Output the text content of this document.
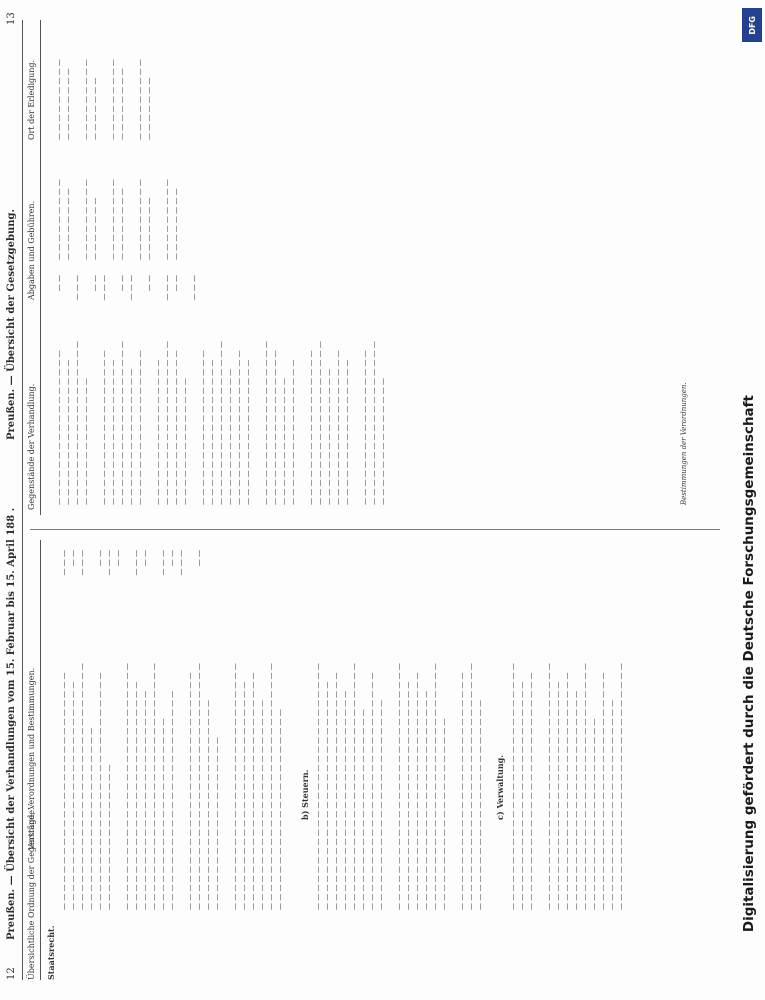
12
Preußen. — Übersicht der Verhandlungen vom 15. Februar bis 15. April 188 .
Preußen. — Übersicht der Gesetzgebung.
13
Übersichtliche Ordnung der Gegenstände.
Verträge, Verordnungen und Bestimmungen.
Staatsrecht.
— — — — — — — — — — — — — — — — — — — — — — — — — — — — — — — — — — — — — — — — — — — — — — — — — — — — — — — — — — — — — — — — — — — — — — — — — — — — — — — — — — — — — — — — — — — — — — — — — — — — — — — — — — — — — — — — — — — — — — — — — — — — — — — — — — — — — — — — — — — —
— — — — — — — — — — — — — — — — — — — — — — — — — — — — — — — — — — — — — — — — — — — — — — — — — — — — — — — — — — — — — — — — — — — — — — — — — — — — — — — — — — — — — — — — — — — — — — — — — — — — — — — — — — — — — — — — — — — — — — — — — — — — — — — — — — — — — — — — — — — — — — — — — — — —
— — — — — — — — — — — — — — — — — — — — — — — — — — — — — — — — — — — — — — — — — — — — — — — — — — — — — — — — — — — — — — — — — — — — — — — — — — — — — — — — — — — — — — — — — — — — — — —
— — — — — — — — — — — — — — — — — — — — — — — — — — — — — — — — — — — — — — — — — — — — — — — — — — — — — — — — — — — — — — — — — — — — — — — — — — — — — — — — — — — — — — — — — — — — — — — — — — — — — — — — — — — — — — — — — — — — — — — — — — — — — — — — — — — — — — — — — — — — — — — — — — — — — — b) Steuern. — — — — — — — — — — — — — — — — — — — — — — — — — — — — — — — — — — — — — — — — — — — — — — — — — — — — — — — — — — — — — — — — — — — — — — — — — — — — — — — — — — — — — — — — — — — — — — — — — — — — — — — — — — — — — — — — — — — — — — — — — — — — — — — — — — — — — — — — — — — — — — — — — — — — — — — — — — — — — — — — — — — — — — — — — — — — — — — — — — — — — — — — — — — — — — — — — — — — — — — —
— — — — — — — — — — — — — — — — — — — — — — — — — — — — — — — — — — — — — — — — — — — — — — — — — — — — — — — — — — — — — — — — — — — — — — — — — — — — — — — — — — — — — — — — — — — — — — — — — — — — — — — — — — — — — — — — — — — — — — — — — — — — — — — — — — — — — — — — — — — — — — — — — — — — — —
— — — — — — — — — — — — — — — — — — — — — — — — — — — — — — — — — — — — — — — — — — — — — — — — — — — — — — — — — — — — — — — — — — — — — — — — — — — — c) Verwaltung. — — — — — — — — — — — — — — — — — — — — — — — — — — — — — — — — — — — — — — — — — — — — — — — — — — — — — — — — — — — — — — — — — — — — — — — — — — — — — —
— — — — — — — — — — — — — — — — — — — — — — — — — — — — — — — — — — — — — — — — — — — — — — — — — — — — — — — — — — — — — — — — — — — — — — — — — — — — — — — — — — — — — — — — — — — — — — — — — — — — — — — — — — — — — — — — — — — — — — — — — — — — — — — — — — — — — — — — — — — — — — — — — — — — — — — — — — — — — — — — — — — — — — — — — — — — — — — — — — — — — — — — — — — — — — — — — — — — — — — — — — — — — — — — — — — — — — — — — — — — — — — — — —
— — — — — — — —
— — — — — — —
— — — — —
— — — — — — — —
— —
Gegenstände der Verhandlung.
Abgaben und Gebühren.
Ort der Erledigung.
— — — — — — — — — — — — — — — — — — — — — — — — — — — — — — — — — — — — — — — — — — — — — — — — — — — — — — — — — — — — — — — — —
— — — — — — — — — — — — — — — — — — — — — — — — — — — — — — — — — — — — — — — — — — — — — — — — — — — — — — — — — — — — — — — — — — — — — — — — — — — — — — — — — — —
— — — — — — — — — — — — — — — — — — — — — — — — — — — — — — — — — — — — — — — — — — — — — — — — — — — — — — — — — — — — — — — — —
— — — — — — — — — — — — — — — — — — — — — — — — — — — — — — — — — — — — — — — — — — — — — — — — — — — — — — — — — — — — — — — — — — — — — — — — — — — — — — — — — — — — — — — — — — — — — — — — — — —
— — — — — — — — — — — — — — — — — — — — — — — — — — — — — — — — — — — — — — — — — — — — — — — — — — — — — — — — — — — — — — — — —
— — — — — — — — — — — — — — — — — — — — — — — — — — — — — — — — — — — — — — — — — — — — — — — — — — — — — — — — — — — — — — — — — — — — — — — — — — — — — — — — — — —
— — — — — — — — — — — — — — — — — — — — — — — — — — — — — — — — — — — — — — — — — — — — — — — — —
— —
— — —
— — — — —
— — — — —
— —
— — — — —
— — —
— — — — — — — — — — — — — — — — —
— — — — — — — — — — — — — — — —
— — — — — — — — — — — — — — — — —
— — — — — — — — — — — — — — — —
— — — — — — — — — — — — — — — — —
— — — — — — — — — — — — — — — — —
— — — — — — — — — — — — — — — —
— — — — — — — — — — — — — — — — —
— — — — — — — — — — — — — — — —
Bestimmungen der Verordnungen.
DFG
Digitalisierung gefördert durch die Deutsche Forschungsgemeinschaft
